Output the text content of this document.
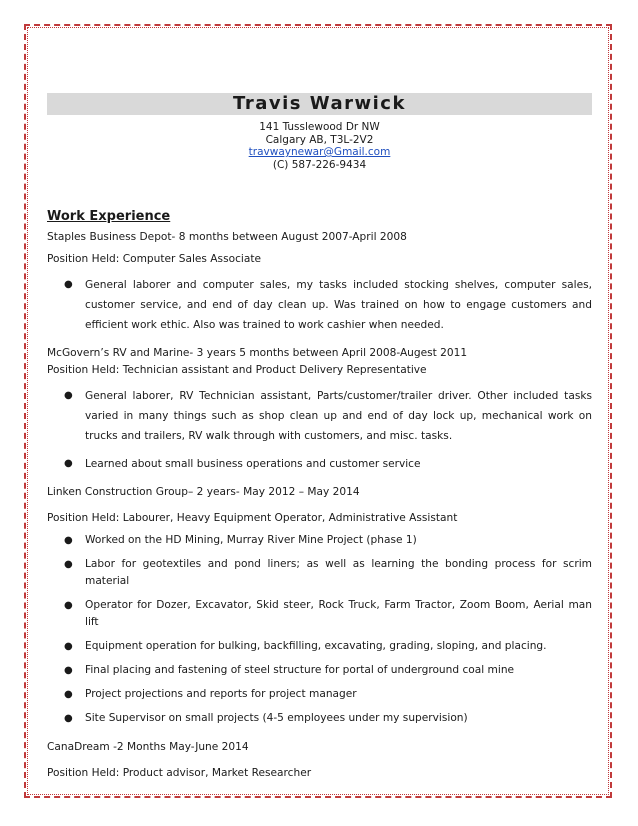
Travis Warwick
141 Tusslewood Dr NW
Calgary AB, T3L-2V2
travwaynewar@Gmail.com
(C) 587-226-9434
Work Experience

Staples Business Depot- 8 months between August 2007-April 2008

Position Held: Computer Sales Associate

● General laborer and computer sales, my tasks included stocking shelves, computer sales, customer service, and end of day clean up. Was trained on how to engage customers and efficient work ethic. Also was trained to work cashier when needed.

McGovern’s RV and Marine- 3 years 5 months between April 2008-Augest 2011

Position Held: Technician assistant and Product Delivery Representative

● General laborer, RV Technician assistant, Parts/customer/trailer driver. Other included tasks varied in many things such as shop clean up and end of day lock up, mechanical work on trucks and trailers, RV walk through with customers, and misc. tasks.
● Learned about small business operations and customer service

Linken Construction Group– 2 years- May 2012 – May 2014

Position Held: Labourer, Heavy Equipment Operator, Administrative Assistant

● Worked on the HD Mining, Murray River Mine Project (phase 1)
● Labor for geotextiles and pond liners; as well as learning the bonding process for scrim material
● Operator for Dozer, Excavator, Skid steer, Rock Truck, Farm Tractor, Zoom Boom, Aerial man lift
● Equipment operation for bulking, backfilling, excavating, grading, sloping, and placing.
● Final placing and fastening of steel structure for portal of underground coal mine
● Project projections and reports for project manager
● Site Supervisor on small projects (4-5 employees under my supervision)

CanaDream -2 Months May-June 2014

Position Held: Product advisor, Market Researcher
